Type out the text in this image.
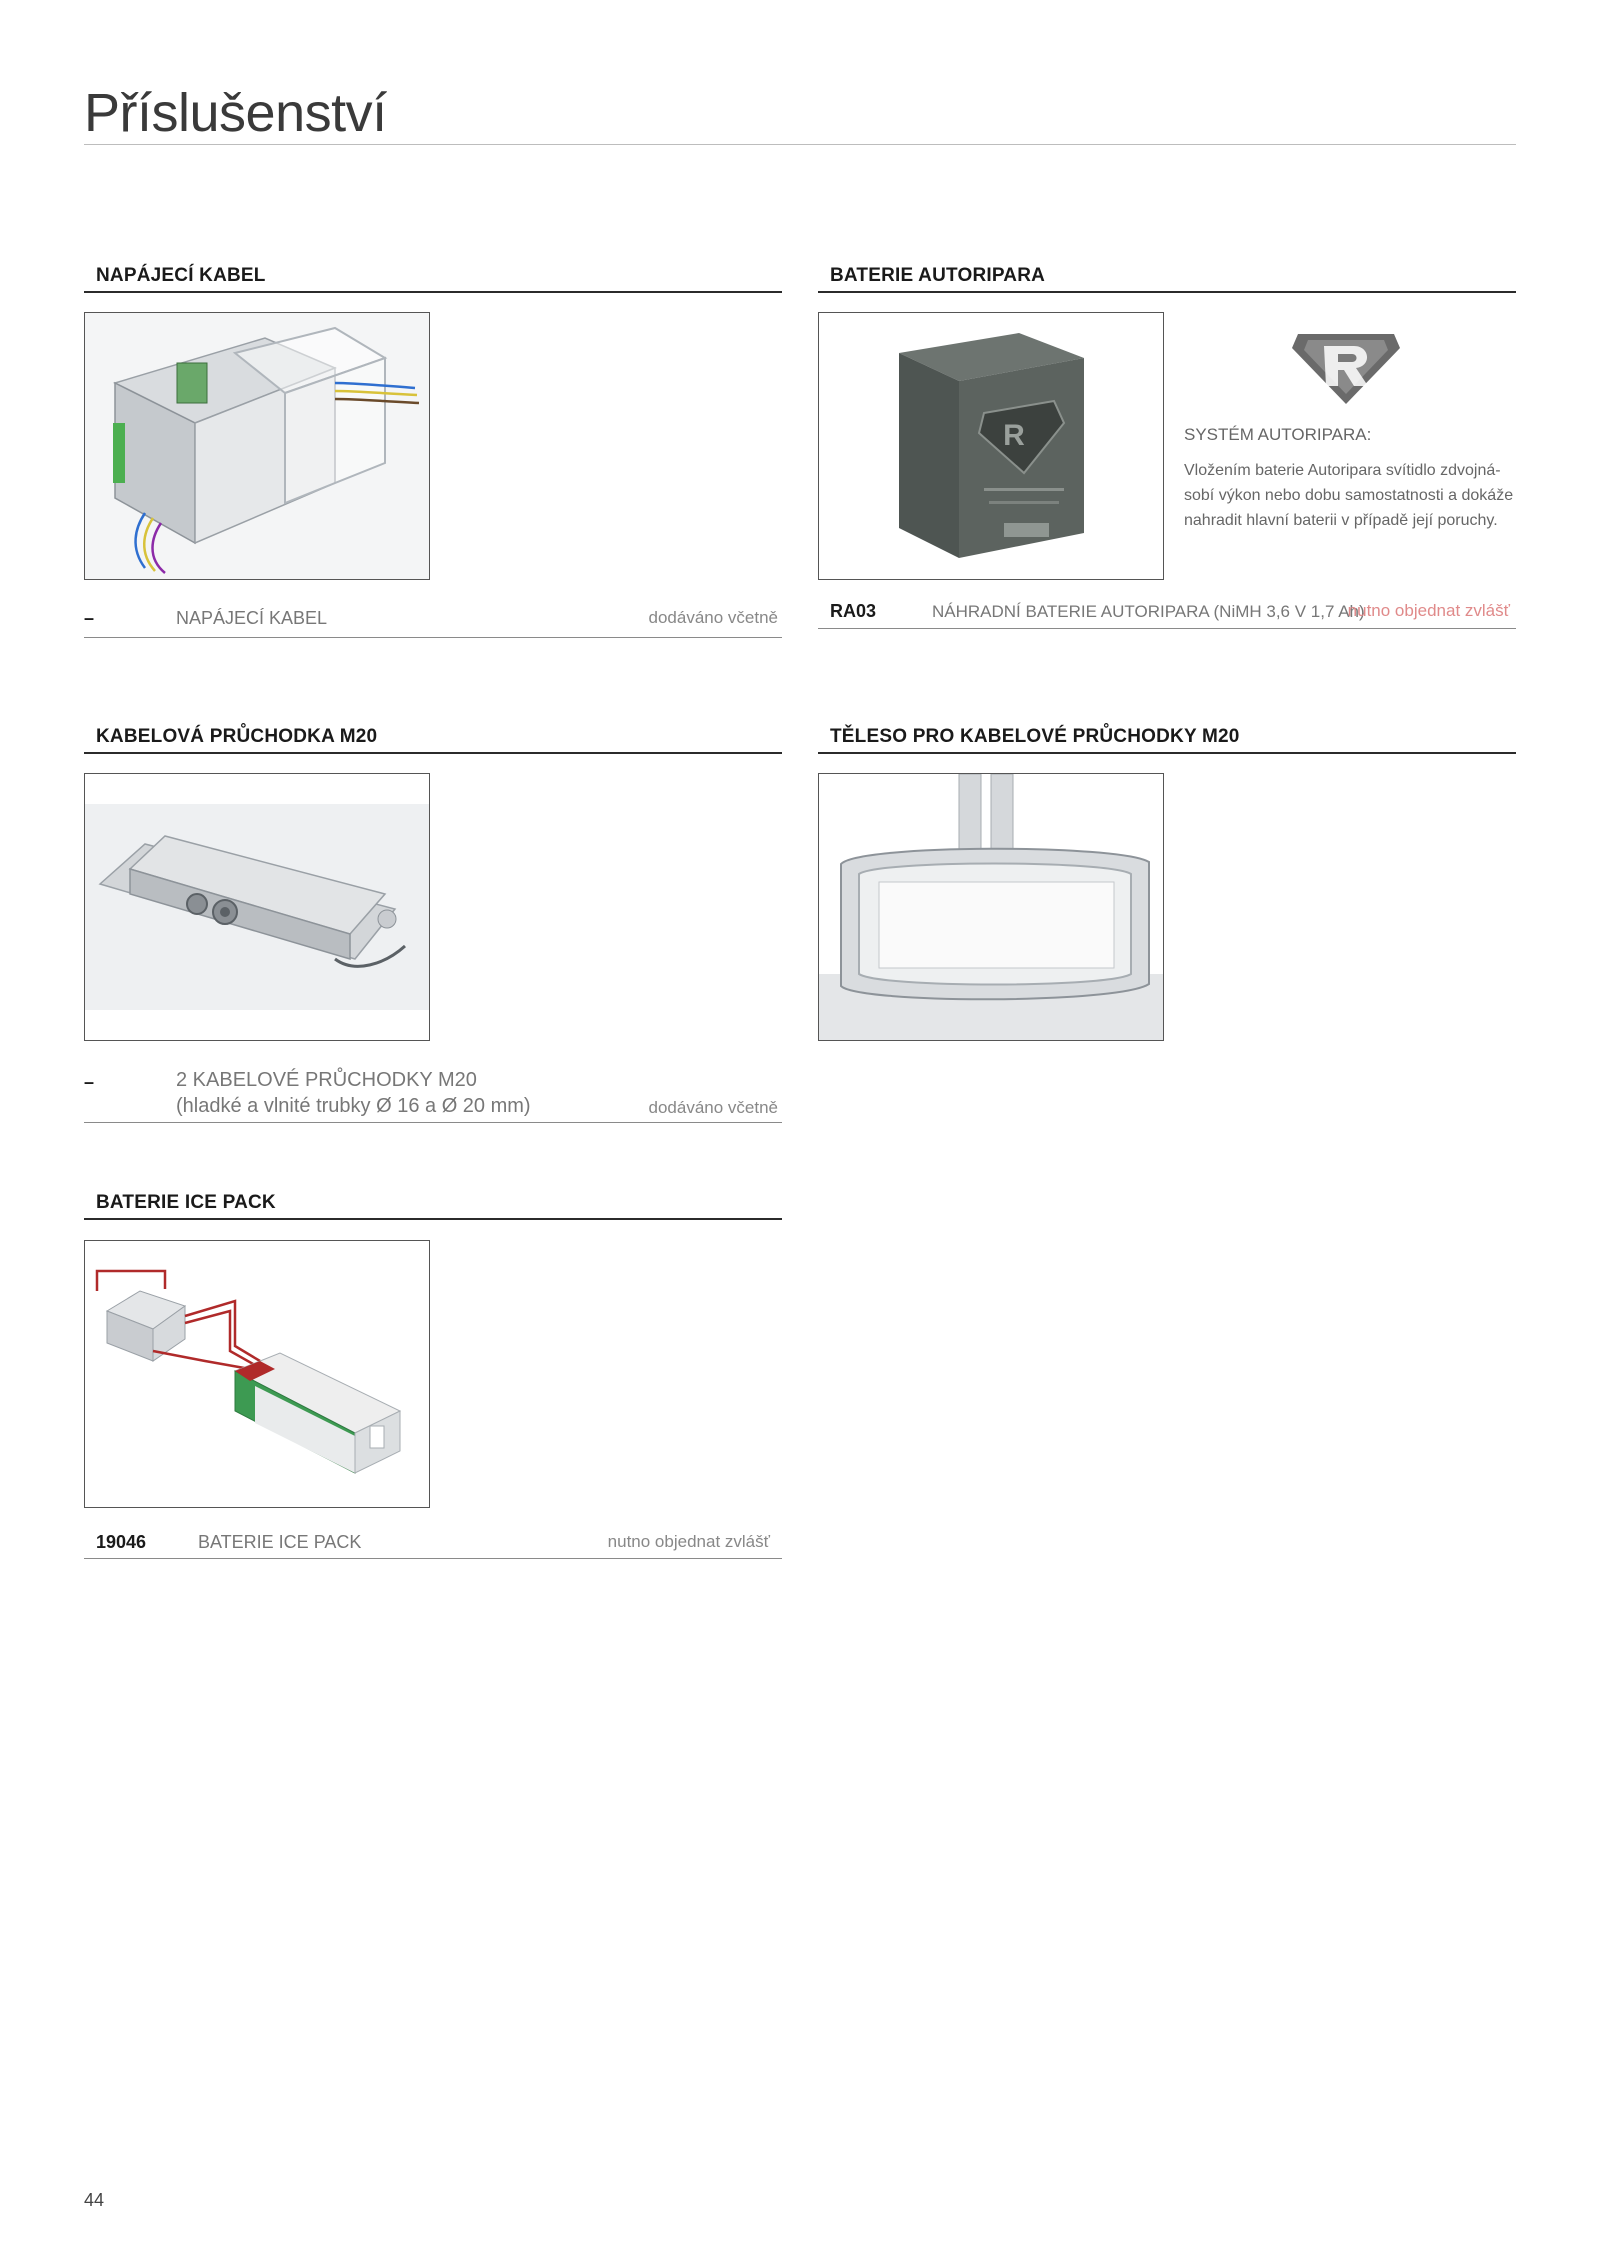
Příslušenství
NAPÁJECÍ KABEL
–	NAPÁJECÍ KABEL	dodáváno včetně
BATERIE AUTORIPARA
R	SYSTÉM AUTORIPARA:
Vložením baterie Autoripara svítidlo zdvojná-
sobí výkon nebo dobu samostatnosti a dokáže
nahradit hlavní baterii v případě její poruchy.
RA03	NÁHRADNÍ BATERIE AUTORIPARA (NiMH 3,6 V 1,7 Ah)
nutno objednat zvlášť
KABELOVÁ PRŮCHODKA M20
–	2 KABELOVÉ PRŮCHODKY M20
(hladké a vlnité trubky Ø 16 a Ø 20 mm)	dodáváno včetně
TĚLESO PRO KABELOVÉ PRŮCHODKY M20
BATERIE ICE PACK
19046	BATERIE ICE PACK	nutno objednat zvlášť
44
